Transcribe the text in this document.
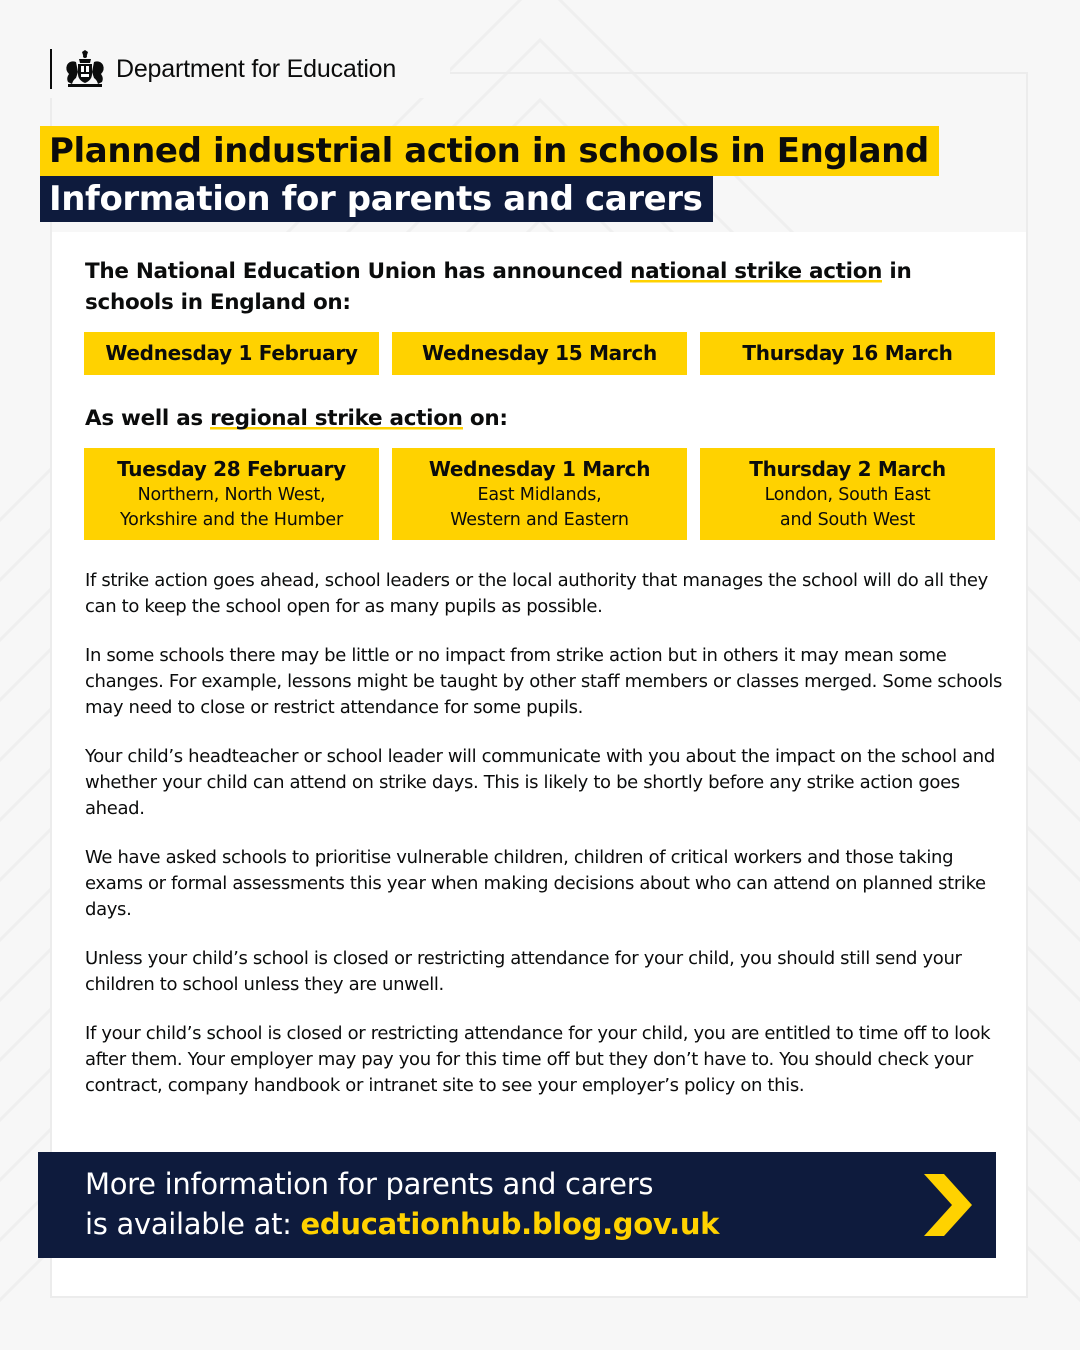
Department for Education
Planned industrial action in schools in England
Information for parents and carers
The National Education Union has announced national strike action in schools in England on:
Wednesday 1 February	Wednesday 15 March	Thursday 16 March
As well as regional strike action on:
Tuesday 28 February
Northern, North West,
Yorkshire and the Humber
Wednesday 1 March
East Midlands,
Western and Eastern
Thursday 2 March
London, South East
and South West

If strike action goes ahead, school leaders or the local authority that manages the school will do all they can to keep the school open for as many pupils as possible.

In some schools there may be little or no impact from strike action but in others it may mean some changes. For example, lessons might be taught by other staff members or classes merged. Some schools may need to close or restrict attendance for some pupils.

Your child’s headteacher or school leader will communicate with you about the impact on the school and whether your child can attend on strike days. This is likely to be shortly before any strike action goes ahead.

We have asked schools to prioritise vulnerable children, children of critical workers and those taking exams or formal assessments this year when making decisions about who can attend on planned strike days.

Unless your child’s school is closed or restricting attendance for your child, you should still send your children to school unless they are unwell.

If your child’s school is closed or restricting attendance for your child, you are entitled to time off to look after them. Your employer may pay you for this time off but they don’t have to. You should check your contract, company handbook or intranet site to see your employer’s policy on this.

More information for parents and carers
is available at: educationhub.blog.gov.uk
